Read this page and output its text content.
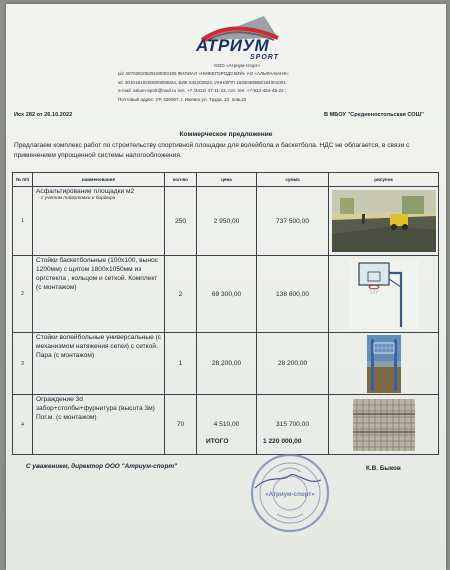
АТРИУМ
SPORT
ООО «Атриум-спорт»
р/с 40702810529160003185 ФИЛИАЛ «НИЖЕГОРОДСКИЙ» АО «АЛЬФА-БАНК»
к/с 30101810200000000824, БИК 042202824; ИНН/КПП 1840030969/184001001
e-mail: atrium-sport@mail.ru тел. +7 /3412/ 47-11-23, сот. тел. +7-912-454-46-22 ;
Почтовый адрес: УР, 426067, г. Ижевск ул. Труда, 32, пом.22
Исх 282 от 26.10.2022	В МБОУ "Средненостольская СОШ"
Коммерческое предложение
Предлагаем комплекс работ по строительству спортивной площадки для волейбола и баскетбола. НДС не облагается, в связи с применением упрощенной системы налогообложения.
№ п/п	наименование	кол-во	цена	сумма	рисунок
1	Асфальтирование площадки м2
- с учетом подготовки и бордюра	250	2 950,00	737 500,00	

2	Стойки баскетбольные (100х100, вынос 1200мм) с щитом 1800х1050мм из оргстекла , кольцом и сеткой. Комплект (с монтажом)	2	69 300,00	138 600,00	

3	Стойки волейбольные универсальные (с механизмом натяжения сетки) с сеткой. Пара (с монтажом)	1	28 200,00	28 200,00	

4	Ограждение 3d забор+столбы+фурнитура (высота 3м) Пог.м. (с монтажом)	70	4 510,00	315 700,00	
ИТОГО	1 220 000,00
С уважением, директор ООО "Атриум-спорт"	К.В. Быков
«Атриум-спорт»
